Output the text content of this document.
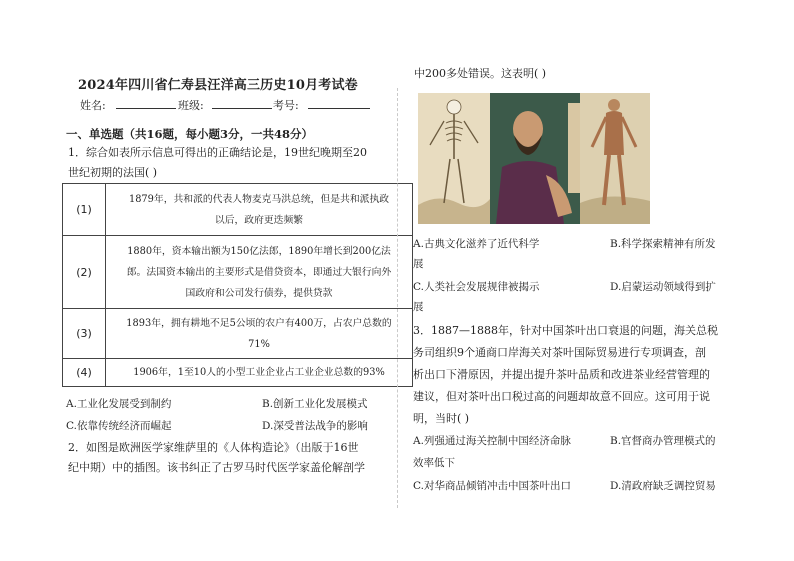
2024年四川省仁寿县汪洋高三历史10月考试卷
姓名:	班级:	考号:
一、单选题（共16题，每小题3分，一共48分）
1．综合如表所示信息可得出的正确结论是，19世纪晚期至20
世纪初期的法国( )
(1)	1879年，共和派的代表人物麦克马洪总统，但是共和派执政
以后，政府更迭频繁

(2)	1880年，资本输出额为150亿法郎，1890年增长到200亿法
郎。法国资本输出的主要形式是借贷资本，即通过大银行向外
国政府和公司发行债券，提供贷款

(3)	1893年，拥有耕地不足5公顷的农户有400万，占农户总数的
71%

(4)	1906年，1至10人的小型工业企业占工业企业总数的93%
A.工业化发展受到制约	B.创新工业化发展模式
C.依靠传统经济而崛起	D.深受普法战争的影响
2．如图是欧洲医学家维萨里的《人体构造论》（出版于16世
纪中期）中的插图。该书纠正了古罗马时代医学家盖伦解剖学
中200多处错误。这表明( )
A.古典文化滋养了近代科学	B.科学探索精神有所发
展
C.人类社会发展规律被揭示	D.启蒙运动领域得到扩
展
3．1887—1888年，针对中国茶叶出口衰退的问题，海关总税
务司组织9个通商口岸海关对茶叶国际贸易进行专项调查，剖
析出口下滑原因，并提出提升茶叶品质和改进茶业经营管理的
建议，但对茶叶出口税过高的问题却故意不回应。这可用于说
明，当时( )
A.列强通过海关控制中国经济命脉	B.官督商办管理模式的
效率低下
C.对华商品倾销冲击中国茶叶出口	D.清政府缺乏调控贸易
